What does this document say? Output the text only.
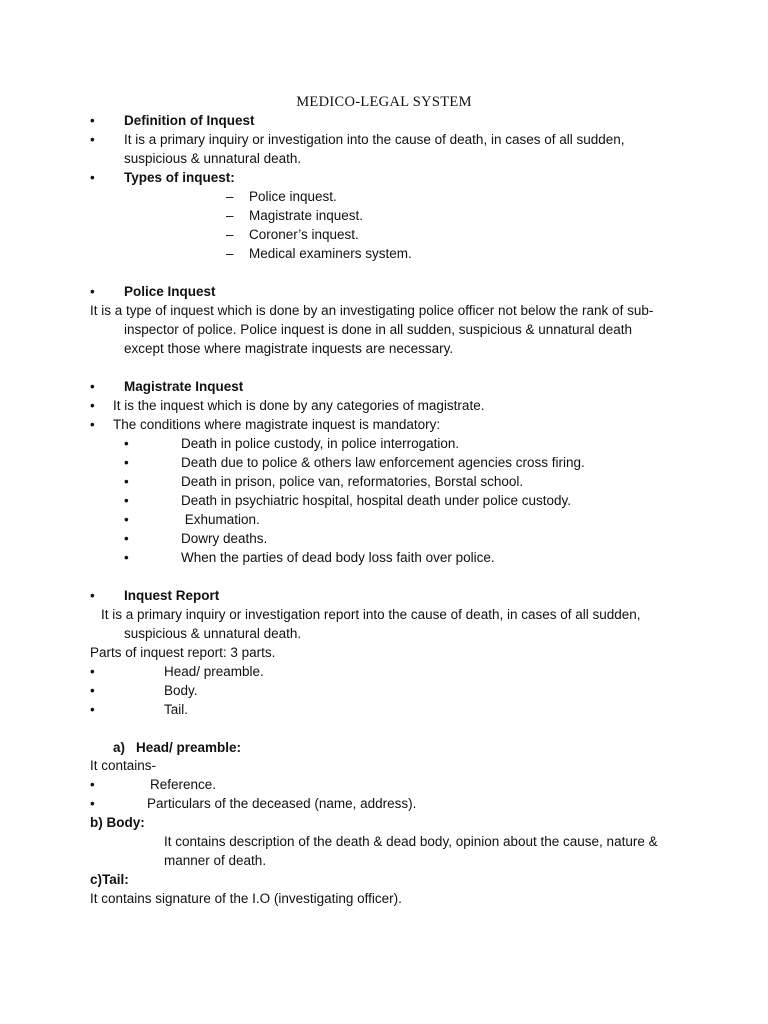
MEDICO-LEGAL SYSTEM
• Definition of Inquest
• It is a primary inquiry or investigation into the cause of death, in cases of all sudden,
suspicious & unnatural death.
• Types of inquest:
– Police inquest.
– Magistrate inquest.
– Coroner’s inquest.
– Medical examiners system.
• Police Inquest
It is a type of inquest which is done by an investigating police officer not below the rank of sub-
inspector of police. Police inquest is done in all sudden, suspicious & unnatural death
except those where magistrate inquests are necessary.
• Magistrate Inquest
• It is the inquest which is done by any categories of magistrate.
• The conditions where magistrate inquest is mandatory:
•	Death in police custody, in police interrogation.
•	Death due to police & others law enforcement agencies cross firing.
•	Death in prison, police van, reformatories, Borstal school.
•	Death in psychiatric hospital, hospital death under police custody.
•	Exhumation.
•	Dowry deaths.
•	When the parties of dead body loss faith over police.
• Inquest Report
It is a primary inquiry or investigation report into the cause of death, in cases of all sudden,
suspicious & unnatural death.
Parts of inquest report: 3 parts.
•	Head/ preamble.
•	Body.
•	Tail.
a) Head/ preamble:
It contains-
•	Reference.
•	Particulars of the deceased (name, address).
b) Body:
It contains description of the death & dead body, opinion about the cause, nature &
manner of death.
c)Tail:
It contains signature of the I.O (investigating officer).
